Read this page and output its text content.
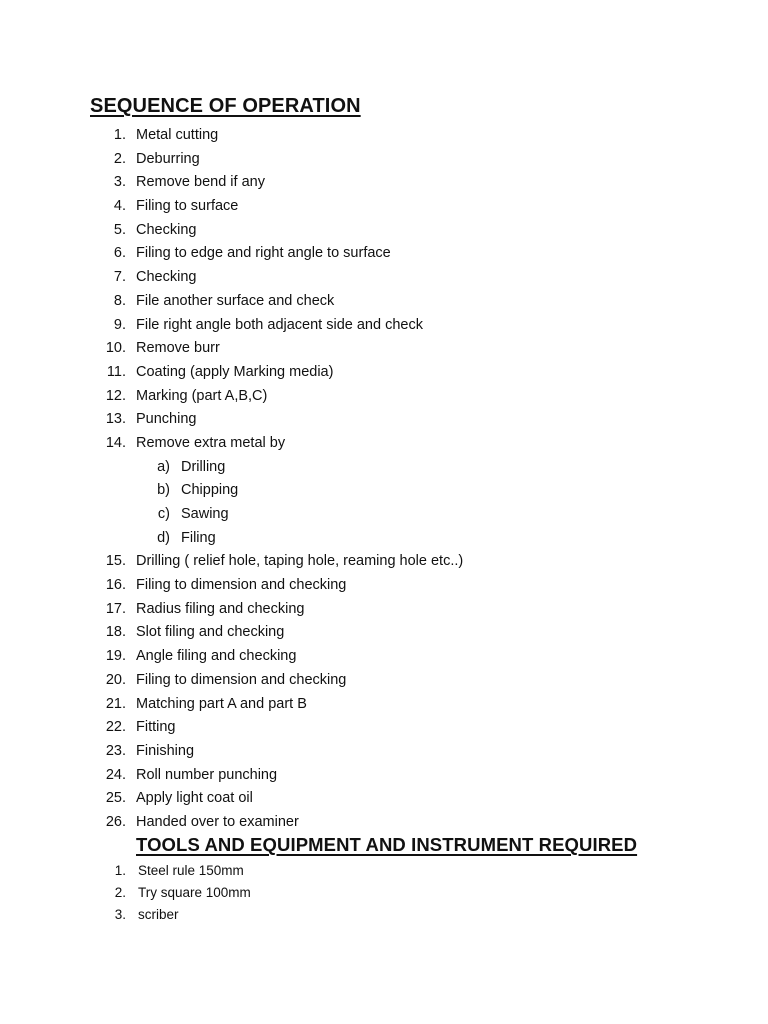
SEQUENCE OF OPERATION
1. Metal cutting
2. Deburring
3. Remove bend if any
4. Filing to surface
5. Checking
6. Filing to edge and right angle to surface
7. Checking
8. File another surface and check
9. File right angle both adjacent side and check
10. Remove burr
11. Coating (apply Marking media)
12. Marking (part A,B,C)
13. Punching
14. Remove extra metal by
a) Drilling
b) Chipping
c) Sawing
d) Filing
15. Drilling ( relief hole, taping hole, reaming hole etc..)
16. Filing to dimension and checking
17. Radius filing and checking
18. Slot filing and checking
19. Angle filing and checking
20. Filing to dimension and checking
21. Matching part A and part B
22. Fitting
23. Finishing
24. Roll number punching
25. Apply light coat oil
26. Handed over to examiner
TOOLS AND EQUIPMENT AND INSTRUMENT REQUIRED
1. Steel rule 150mm
2. Try square 100mm
3. scriber
